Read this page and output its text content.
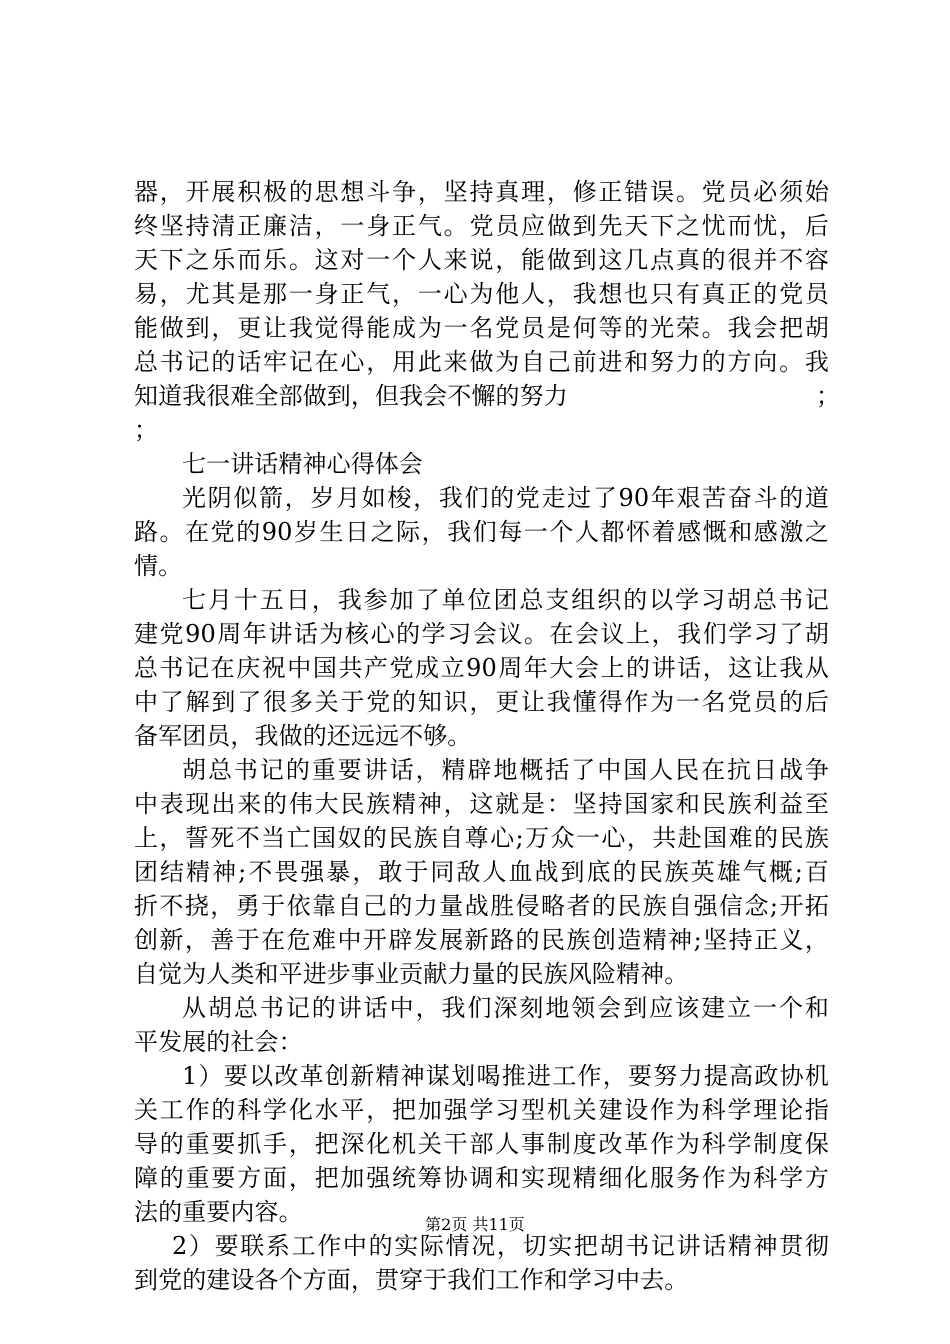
器，开展积极的思想斗争，坚持真理，修正错误。党员必须始
终坚持清正廉洁，一身正气。党员应做到先天下之忧而忧，后
天下之乐而乐。这对一个人来说，能做到这几点真的很并不容
易，尤其是那一身正气，一心为他人，我想也只有真正的党员
能做到，更让我觉得能成为一名党员是何等的光荣。我会把胡
总书记的话牢记在心，用此来做为自己前进和努力的方向。我
知道我很难全部做到，但我会不懈的努力	；
；
七一讲话精神心得体会
光阴似箭，岁月如梭，我们的党走过了90年艰苦奋斗的道
路。在党的90岁生日之际，我们每一个人都怀着感慨和感激之
情。
七月十五日，我参加了单位团总支组织的以学习胡总书记
建党90周年讲话为核心的学习会议。在会议上，我们学习了胡
总书记在庆祝中国共产党成立90周年大会上的讲话，这让我从
中了解到了很多关于党的知识，更让我懂得作为一名党员的后
备军团员，我做的还远远不够。
胡总书记的重要讲话，精辟地概括了中国人民在抗日战争
中表现出来的伟大民族精神，这就是：坚持国家和民族利益至
上，誓死不当亡国奴的民族自尊心;万众一心，共赴国难的民族
团结精神;不畏强暴，敢于同敌人血战到底的民族英雄气概;百
折不挠，勇于依靠自己的力量战胜侵略者的民族自强信念;开拓
创新，善于在危难中开辟发展新路的民族创造精神;坚持正义，
自觉为人类和平进步事业贡献力量的民族风险精神。
从胡总书记的讲话中，我们深刻地领会到应该建立一个和
平发展的社会：
1）要以改革创新精神谋划喝推进工作，要努力提高政协机
关工作的科学化水平，把加强学习型机关建设作为科学理论指
导的重要抓手，把深化机关干部人事制度改革作为科学制度保
障的重要方面，把加强统筹协调和实现精细化服务作为科学方
法的重要内容。
2）要联系工作中的实际情况，切实把胡书记讲话精神贯彻
到党的建设各个方面，贯穿于我们工作和学习中去。
第2页 共11页
